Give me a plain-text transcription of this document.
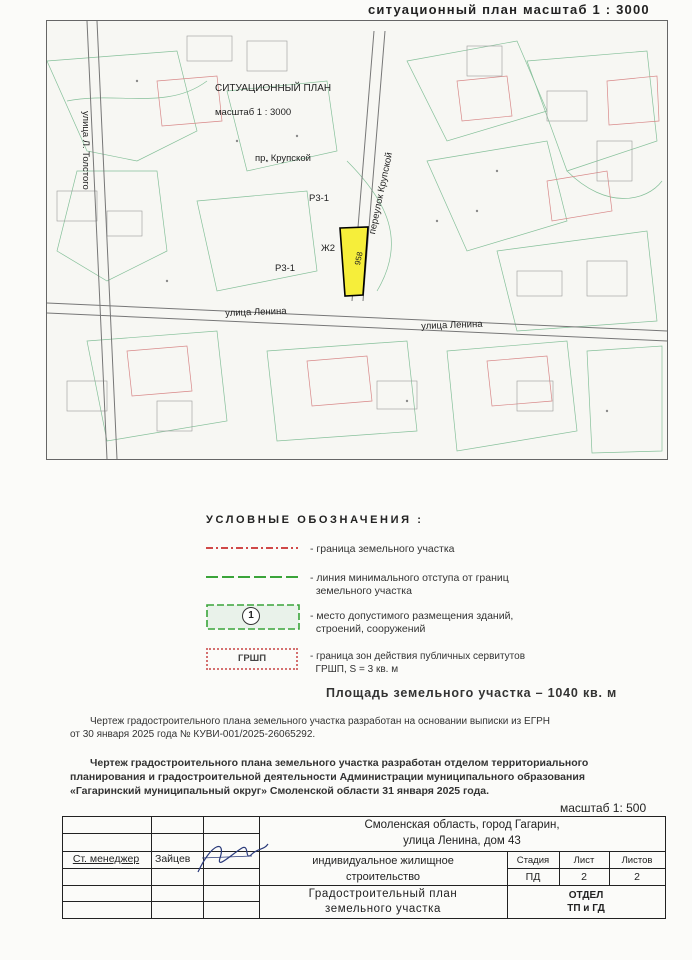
ситуационный план масштаб 1 : 3000
СИТУАЦИОННЫЙ ПЛАН
масштаб 1 : 3000
улица Л. Толстого	пр. Крупской	переулок Крупской
Р3-1
Ж2
Р3-1
958
улица Ленина
улица Ленина
УСЛОВНЫЕ ОБОЗНАЧЕНИЯ :
- граница земельного участка
- линия минимального отступа от границ
земельного участка
1	- место допустимого размещения зданий,
строений, сооружений
ГРШП	- граница зон действия публичных сервитутов
ГРШП, S = 3 кв. м
Площадь земельного участка – 1040 кв. м
Чертеж градостроительного плана земельного участка разработан на основании выписки из ЕГРН
от 30 января 2025 года № КУВИ-001/2025-26065292.
Чертеж градостроительного плана земельного участка разработан отделом территориального
планирования и градостроительной деятельности Администрации муниципального образования
«Гагаринский муниципальный округ» Смоленской области 31 января 2025 года.
масштаб 1: 500
Ст. менеджер	Зайцев
Смоленская область, город Гагарин,
улица Ленина, дом 43
индивидуальное жилищное
строительство
Стадия	Лист	Листов
ПД	2	2
Градостроительный план
земельного участка
ОТДЕЛ
ТП и ГД
